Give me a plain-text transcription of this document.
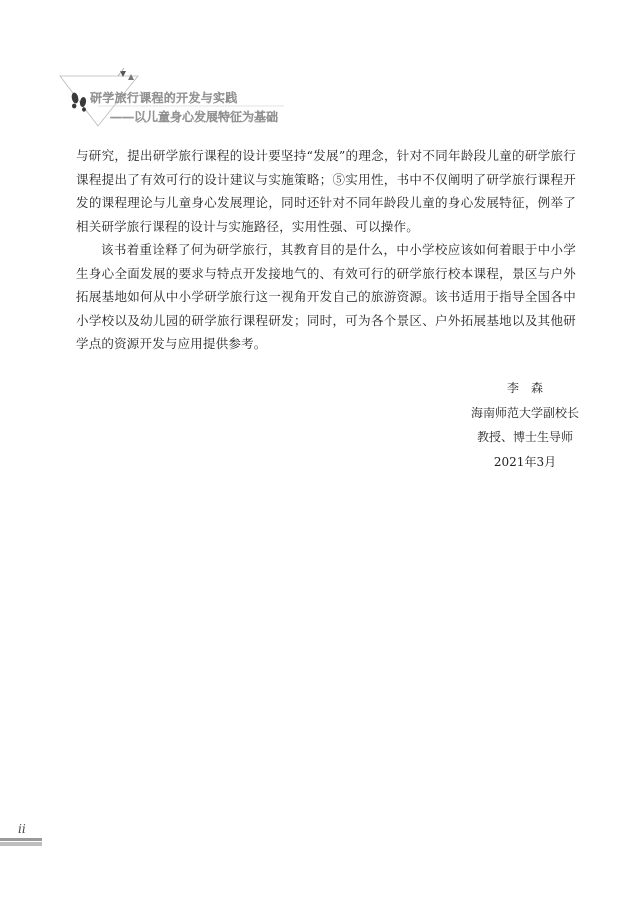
研学旅行课程的开发与实践
——以儿童身心发展特征为基础

与研究，提出研学旅行课程的设计要坚持“发展”的理念，针对不同年龄段儿童的研学旅行课程提出了有效可行的设计建议与实施策略；⑤实用性，书中不仅阐明了研学旅行课程开发的课程理论与儿童身心发展理论，同时还针对不同年龄段儿童的身心发展特征，例举了相关研学旅行课程的设计与实施路径，实用性强、可以操作。

该书着重诠释了何为研学旅行，其教育目的是什么，中小学校应该如何着眼于中小学生身心全面发展的要求与特点开发接地气的、有效可行的研学旅行校本课程，景区与户外拓展基地如何从中小学研学旅行这一视角开发自己的旅游资源。该书适用于指导全国各中小学校以及幼儿园的研学旅行课程研发；同时，可为各个景区、户外拓展基地以及其他研学点的资源开发与应用提供参考。

李森
海南师范大学副校长
教授、博士生导师
2021年3月
ii
